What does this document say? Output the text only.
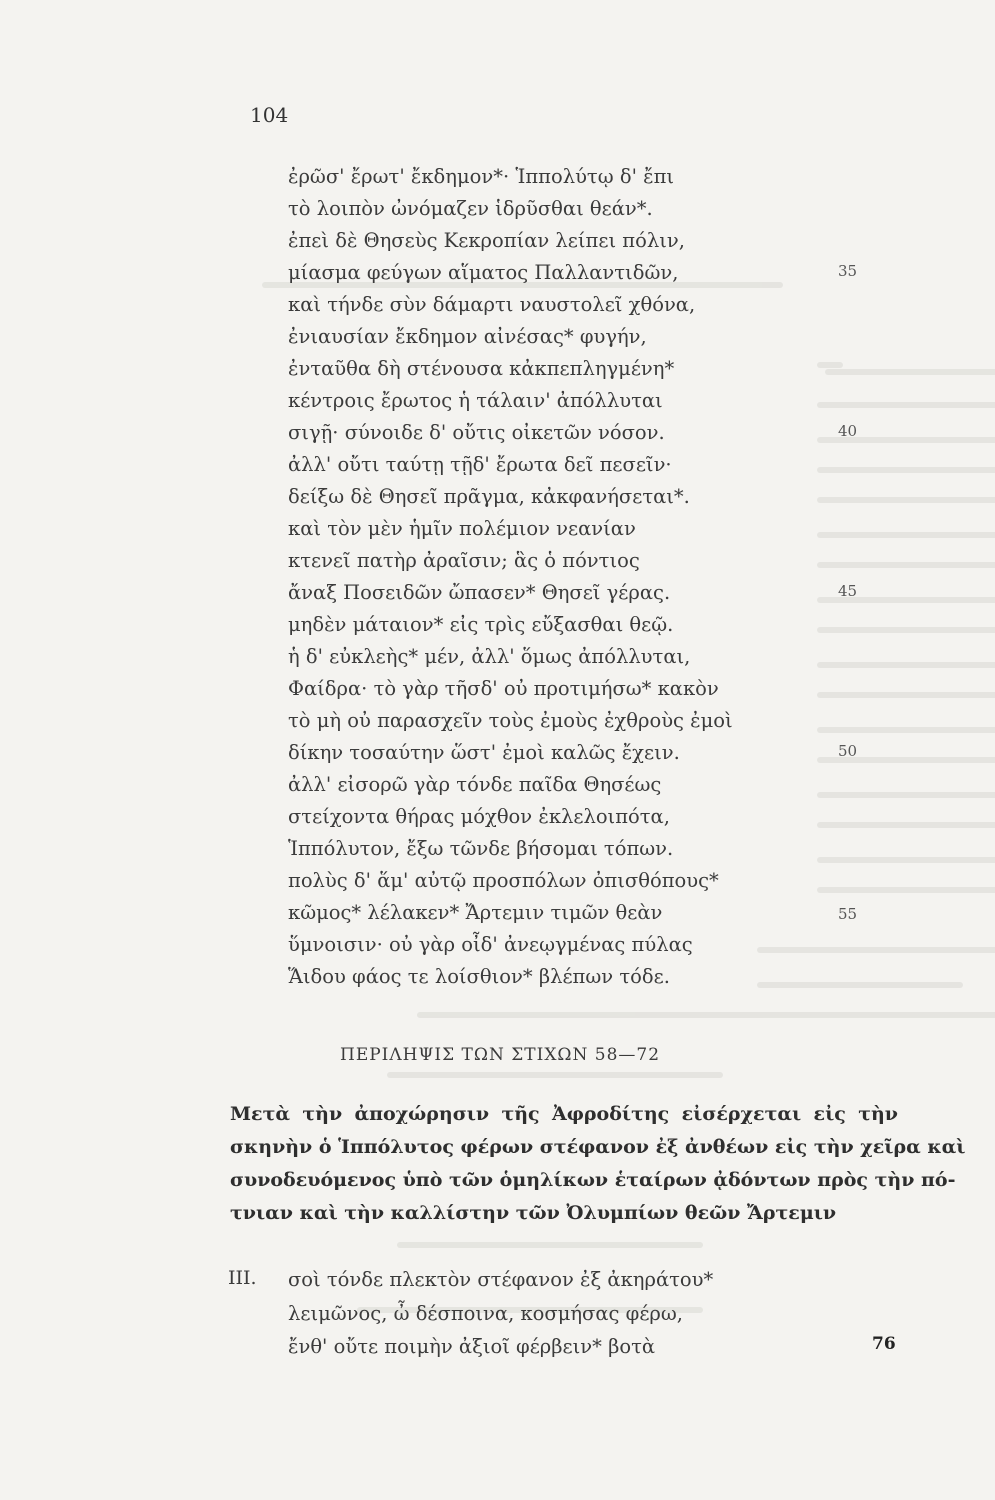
104
ἐρῶσ' ἔρωτ' ἔκδημον*· Ἱππολύτῳ δ' ἔπι
τὸ λοιπὸν ὠνόμαζεν ἱδρῦσθαι θεάν*.
ἐπεὶ δὲ Θησεὺς Κεκροπίαν λείπει πόλιν,
μίασμα φεύγων αἵματος Παλλαντιδῶν,
καὶ τήνδε σὺν δάμαρτι ναυστολεῖ χθόνα,
ἐνιαυσίαν ἔκδημον αἰνέσας* φυγήν,
ἐνταῦθα δὴ στένουσα κἀκπεπληγμένη*
κέντροις ἔρωτος ἡ τάλαιν' ἀπόλλυται
σιγῇ· σύνοιδε δ' οὔτις οἰκετῶν νόσον.
ἀλλ' οὔτι ταύτῃ τῇδ' ἔρωτα δεῖ πεσεῖν·
δείξω δὲ Θησεῖ πρᾶγμα, κἀκφανήσεται*.
καὶ τὸν μὲν ἡμῖν πολέμιον νεανίαν
κτενεῖ πατὴρ ἀραῖσιν; ἃς ὁ πόντιος
ἄναξ Ποσειδῶν ὤπασεν* Θησεῖ γέρας.
μηδὲν μάταιον* εἰς τρὶς εὔξασθαι θεῷ.
ἡ δ' εὐκλεὴς* μέν, ἀλλ' ὅμως ἀπόλλυται,
Φαίδρα· τὸ γὰρ τῆσδ' οὐ προτιμήσω* κακὸν
τὸ μὴ οὐ παρασχεῖν τοὺς ἐμοὺς ἐχθροὺς ἐμοὶ
δίκην τοσαύτην ὥστ' ἐμοὶ καλῶς ἔχειν.
ἀλλ' εἰσορῶ γὰρ τόνδε παῖδα Θησέως
στείχοντα θήρας μόχθον ἐκλελοιπότα,
Ἱππόλυτον, ἔξω τῶνδε βήσομαι τόπων.
πολὺς δ' ἅμ' αὐτῷ προσπόλων ὀπισθόπους*
κῶμος* λέλακεν* Ἄρτεμιν τιμῶν θεὰν
ὕμνοισιν· οὐ γὰρ οἶδ' ἀνεῳγμένας πύλας
Ἅιδου φάος τε λοίσθιον* βλέπων τόδε.
35
40
45
50
55
ΠΕΡΙΛΗΨΙΣ ΤΩΝ ΣΤΙΧΩΝ 58—72
Μετὰ τὴν ἀποχώρησιν τῆς Ἀφροδίτης εἰσέρχεται εἰς τὴν
σκηνὴν ὁ Ἱππόλυτος φέρων στέφανον ἐξ ἀνθέων εἰς τὴν χεῖρα καὶ
συνοδευόμενος ὑπὸ τῶν ὁμηλίκων ἑταίρων ᾀδόντων πρὸς τὴν πό-
τνιαν καὶ τὴν καλλίστην τῶν Ὀλυμπίων θεῶν Ἄρτεμιν
III. σοὶ τόνδε πλεκτὸν στέφανον ἐξ ἀκηράτου*
λειμῶνος, ὦ δέσποινα, κοσμήσας φέρω,
ἔνθ' οὔτε ποιμὴν ἀξιοῖ φέρβειν* βοτὰ	76
